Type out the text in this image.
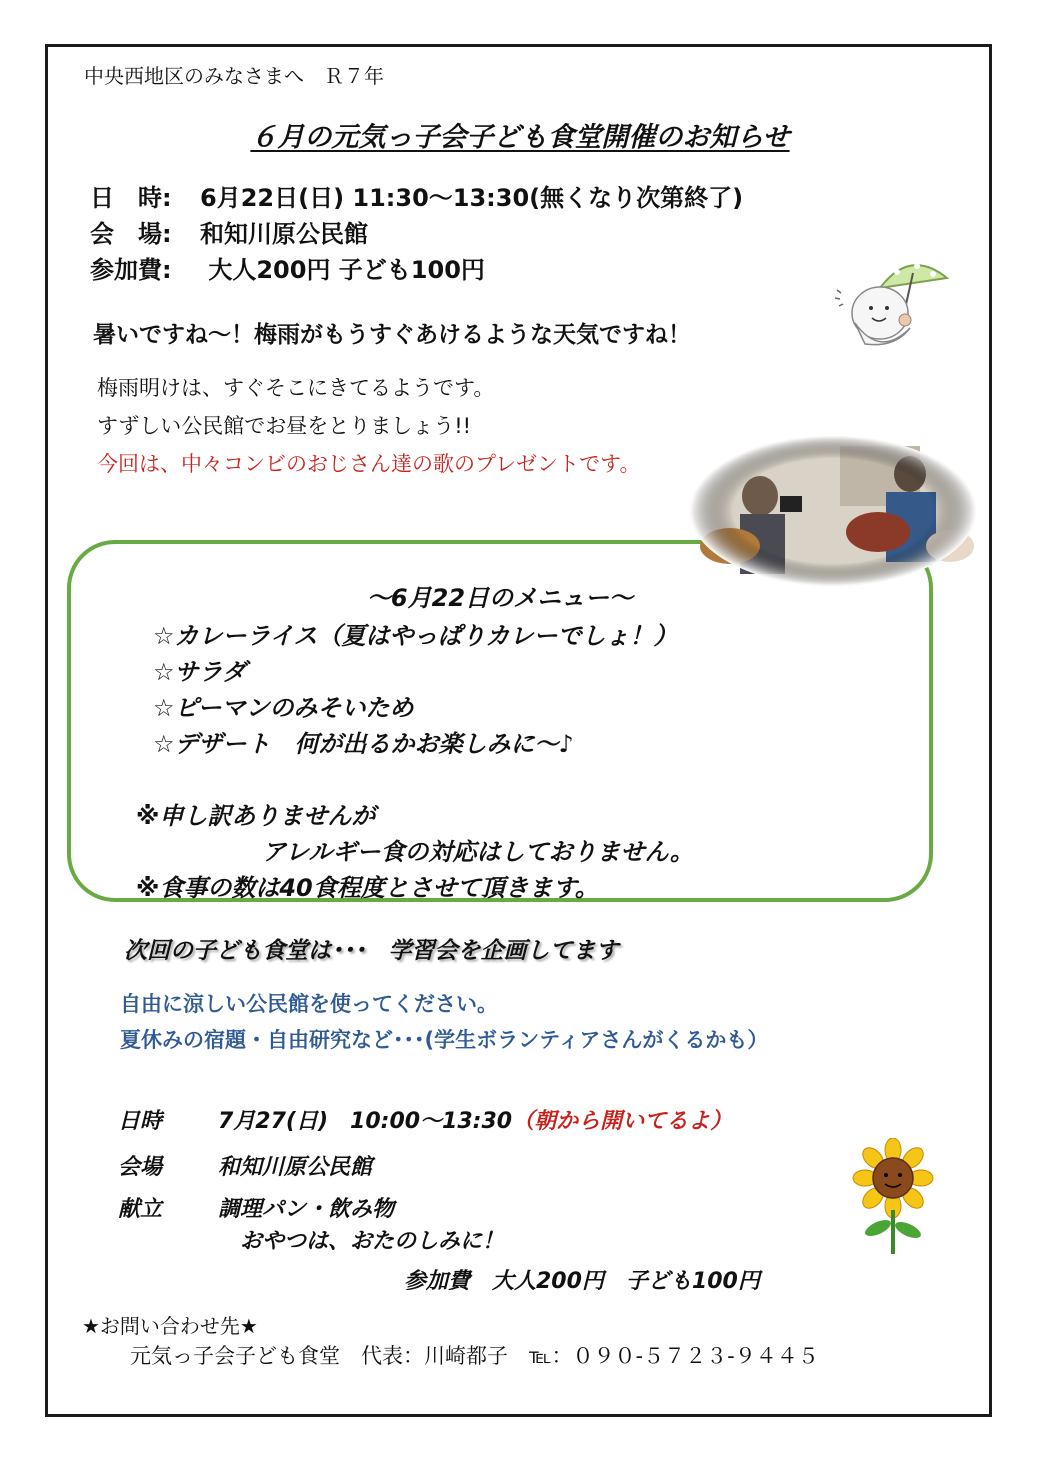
中央西地区のみなさまへ　Ｒ７年
６月の元気っ子会子ども食堂開催のお知らせ
日　時: 6月22日(日) 11:30～13:30(無くなり次第終了)
会　場: 和知川原公民館
参加費: 大人200円 子ども100円
暑いですね～！梅雨がもうすぐあけるような天気ですね！
梅雨明けは、すぐそこにきてるようです。
すずしい公民館でお昼をとりましょう!!
今回は、中々コンビのおじさん達の歌のプレゼントです。
～6月22日のメニュー～
☆カレーライス（夏はやっぱりカレーでしょ！）
☆サラダ
☆ピーマンのみそいため
☆デザート　何が出るかお楽しみに～♪
※申し訳ありませんが
アレルギー食の対応はしておりません。
※食事の数は40食程度とさせて頂きます。
次回の子ども食堂は･･･　学習会を企画してます
自由に涼しい公民館を使ってください。
夏休みの宿題・自由研究など･･･(学生ボランティアさんがくるかも）
日時	7月27(日)　10:00～13:30（朝から開いてるよ）
会場	和知川原公民館
献立	調理パン・飲み物
おやつは、おたのしみに！
参加費　大人200円　子ども100円
★お問い合わせ先★
元気っ子会子ども食堂　代表：川崎都子　℡：０９０-５７２３-９４４５
